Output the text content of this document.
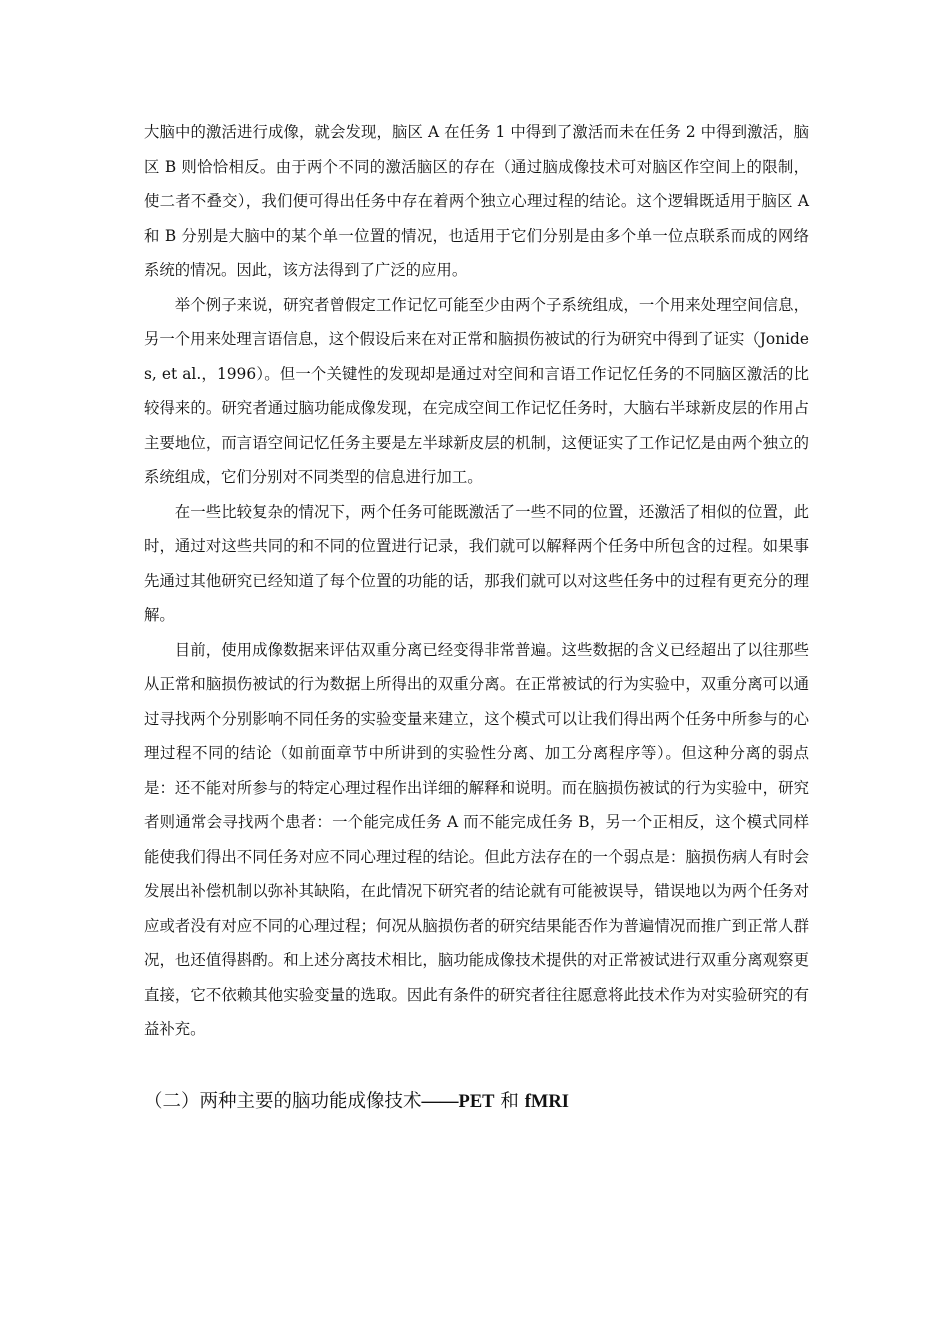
大脑中的激活进行成像，就会发现，脑区 A 在任务 1 中得到了激活而未在任务 2 中得到激活，脑区 B 则恰恰相反。由于两个不同的激活脑区的存在（通过脑成像技术可对脑区作空间上的限制，使二者不叠交），我们便可得出任务中存在着两个独立心理过程的结论。这个逻辑既适用于脑区 A 和 B 分别是大脑中的某个单一位置的情况，也适用于它们分别是由多个单一位点联系而成的网络系统的情况。因此，该方法得到了广泛的应用。

举个例子来说，研究者曾假定工作记忆可能至少由两个子系统组成，一个用来处理空间信息，另一个用来处理言语信息，这个假设后来在对正常和脑损伤被试的行为研究中得到了证实（Jonides, et al.，1996）。但一个关键性的发现却是通过对空间和言语工作记忆任务的不同脑区激活的比较得来的。研究者通过脑功能成像发现，在完成空间工作记忆任务时，大脑右半球新皮层的作用占主要地位，而言语空间记忆任务主要是左半球新皮层的机制，这便证实了工作记忆是由两个独立的系统组成，它们分别对不同类型的信息进行加工。

在一些比较复杂的情况下，两个任务可能既激活了一些不同的位置，还激活了相似的位置，此时，通过对这些共同的和不同的位置进行记录，我们就可以解释两个任务中所包含的过程。如果事先通过其他研究已经知道了每个位置的功能的话，那我们就可以对这些任务中的过程有更充分的理解。

目前，使用成像数据来评估双重分离已经变得非常普遍。这些数据的含义已经超出了以往那些从正常和脑损伤被试的行为数据上所得出的双重分离。在正常被试的行为实验中，双重分离可以通过寻找两个分别影响不同任务的实验变量来建立，这个模式可以让我们得出两个任务中所参与的心理过程不同的结论（如前面章节中所讲到的实验性分离、加工分离程序等）。但这种分离的弱点是：还不能对所参与的特定心理过程作出详细的解释和说明。而在脑损伤被试的行为实验中，研究者则通常会寻找两个患者：一个能完成任务 A 而不能完成任务 B，另一个正相反，这个模式同样能使我们得出不同任务对应不同心理过程的结论。但此方法存在的一个弱点是：脑损伤病人有时会发展出补偿机制以弥补其缺陷，在此情况下研究者的结论就有可能被误导，错误地以为两个任务对应或者没有对应不同的心理过程；何况从脑损伤者的研究结果能否作为普遍情况而推广到正常人群况，也还值得斟酌。和上述分离技术相比，脑功能成像技术提供的对正常被试进行双重分离观察更直接，它不依赖其他实验变量的选取。因此有条件的研究者往往愿意将此技术作为对实验研究的有益补充。

（二）两种主要的脑功能成像技术——PET 和 fMRI
